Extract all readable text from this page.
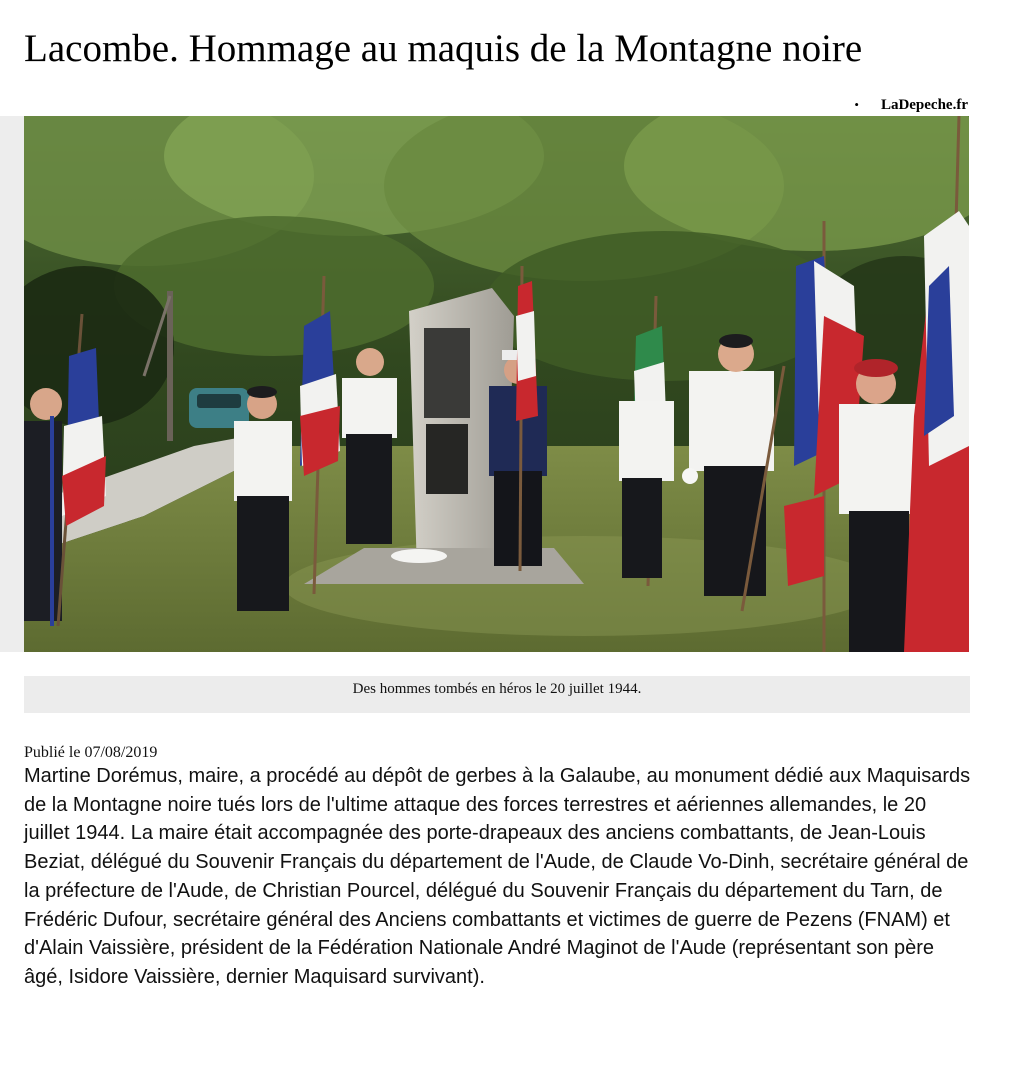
Lacombe. Hommage au maquis de la Montagne noire
• LaDepeche.fr
Des hommes tombés en héros le 20 juillet 1944.
Publié le 07/08/2019

Martine Dorémus, maire, a procédé au dépôt de gerbes à la Galaube, au monument dédié aux Maquisards de la Montagne noire tués lors de l'ultime attaque des forces terrestres et aériennes allemandes, le 20 juillet 1944. La maire était accompagnée des porte-drapeaux des anciens combattants, de Jean-Louis Beziat, délégué du Souvenir Français du département de l'Aude, de Claude Vo-Dinh, secrétaire général de la préfecture de l'Aude, de Christian Pourcel, délégué du Souvenir Français du département du Tarn, de Frédéric Dufour, secrétaire général des Anciens combattants et victimes de guerre de Pezens (FNAM) et d'Alain Vaissière, président de la Fédération Nationale André Maginot de l'Aude (représentant son père âgé, Isidore Vaissière, dernier Maquisard survivant).
